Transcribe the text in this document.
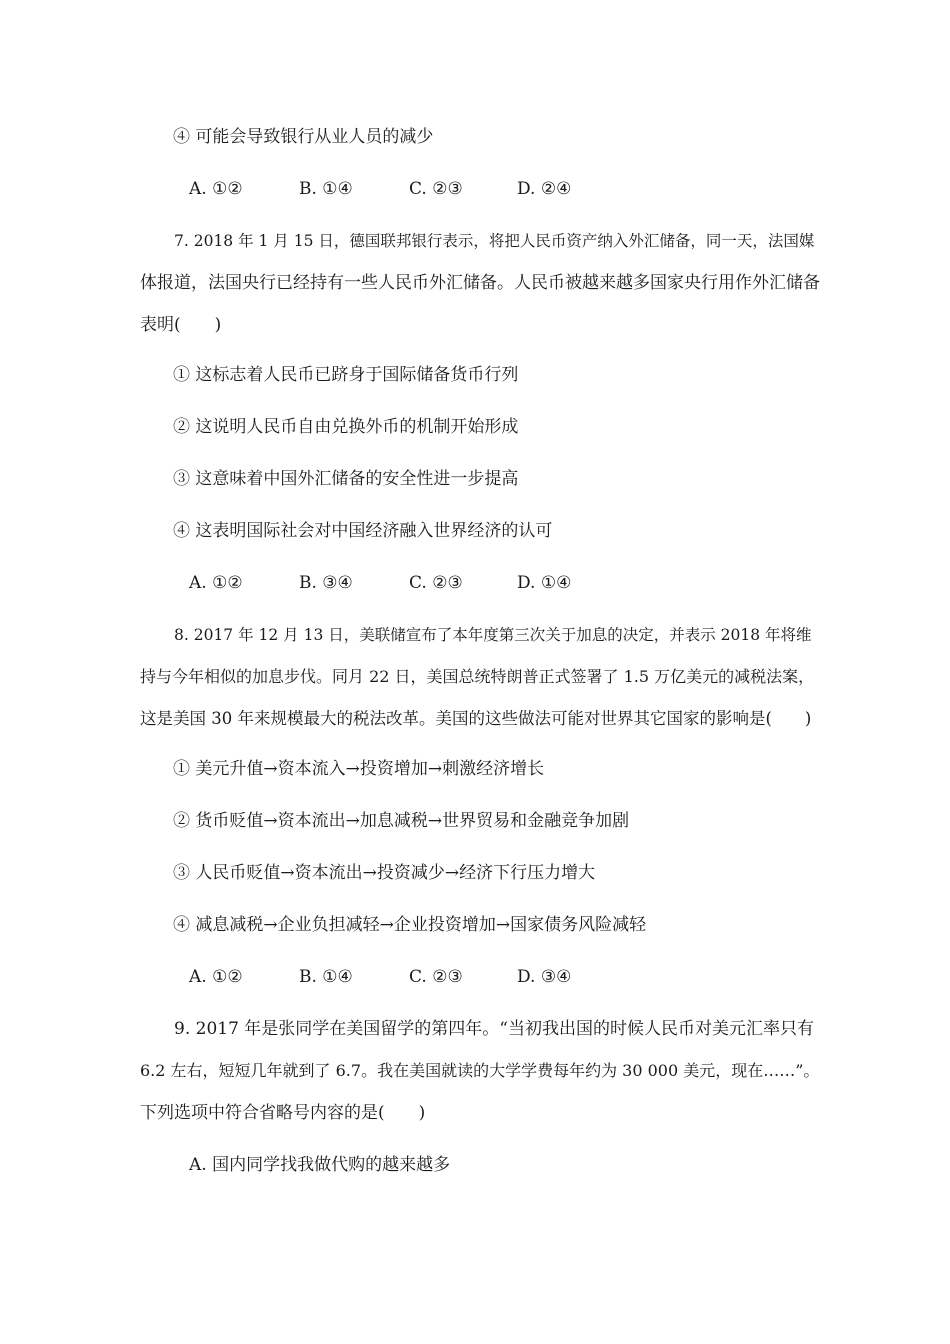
④ 可能会导致银行从业人员的减少
A. ①②	B. ①④	C. ②③	D. ②④
7. 2018 年 1 月 15 日，德国联邦银行表示，将把人民币资产纳入外汇储备，同一天，法国媒
体报道，法国央行已经持有一些人民币外汇储备。人民币被越来越多国家央行用作外汇储备
表明(　　)
① 这标志着人民币已跻身于国际储备货币行列
② 这说明人民币自由兑换外币的机制开始形成
③ 这意味着中国外汇储备的安全性进一步提高
④ 这表明国际社会对中国经济融入世界经济的认可
A. ①②	B. ③④	C. ②③	D. ①④
8. 2017 年 12 月 13 日，美联储宣布了本年度第三次关于加息的决定，并表示 2018 年将维
持与今年相似的加息步伐。同月 22 日，美国总统特朗普正式签署了 1.5 万亿美元的减税法案，
这是美国 30 年来规模最大的税法改革。美国的这些做法可能对世界其它国家的影响是(　　)
① 美元升值→资本流入→投资增加→刺激经济增长
② 货币贬值→资本流出→加息减税→世界贸易和金融竞争加剧
③ 人民币贬值→资本流出→投资减少→经济下行压力增大
④ 减息减税→企业负担减轻→企业投资增加→国家债务风险减轻
A. ①②	B. ①④	C. ②③	D. ③④
9. 2017 年是张同学在美国留学的第四年。“当初我出国的时候人民币对美元汇率只有
6.2 左右，短短几年就到了 6.7。我在美国就读的大学学费每年约为 30 000 美元，现在……”。
下列选项中符合省略号内容的是(　　)
A. 国内同学找我做代购的越来越多
